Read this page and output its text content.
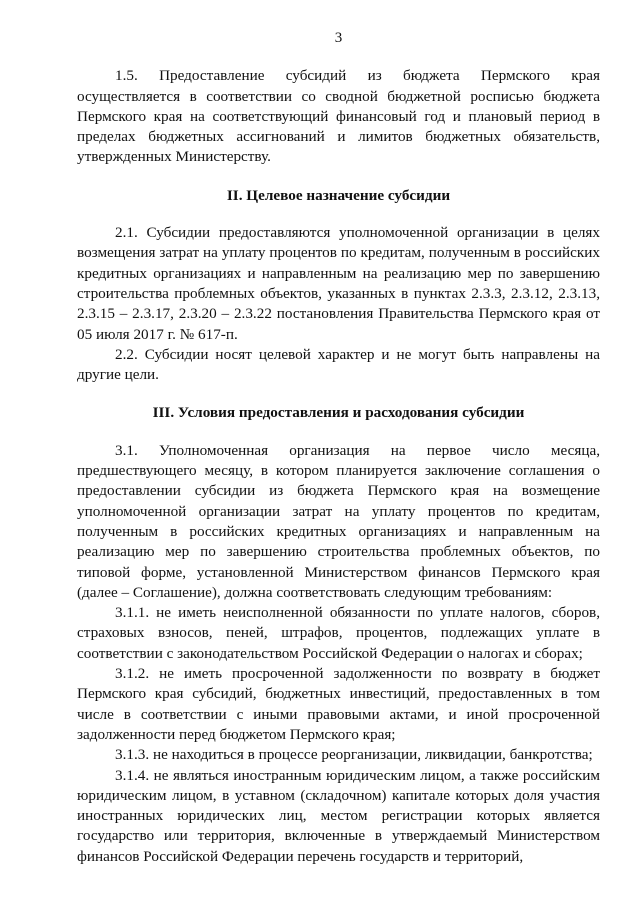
3

1.5. Предоставление субсидий из бюджета Пермского края осуществляется в соответствии со сводной бюджетной росписью бюджета Пермского края на соответствующий финансовый год и плановый период в пределах бюджетных ассигнований и лимитов бюджетных обязательств, утвержденных Министерству.

II. Целевое назначение субсидии

2.1. Субсидии предоставляются уполномоченной организации в целях возмещения затрат на уплату процентов по кредитам, полученным в российских кредитных организациях и направленным на реализацию мер по завершению строительства проблемных объектов, указанных в пунктах 2.3.3, 2.3.12, 2.3.13, 2.3.15 – 2.3.17, 2.3.20 – 2.3.22 постановления Правительства Пермского края от 05 июля 2017 г. № 617-п.

2.2. Субсидии носят целевой характер и не могут быть направлены на другие цели.

III. Условия предоставления и расходования субсидии

3.1. Уполномоченная организация на первое число месяца, предшествующего месяцу, в котором планируется заключение соглашения о предоставлении субсидии из бюджета Пермского края на возмещение уполномоченной организации затрат на уплату процентов по кредитам, полученным в российских кредитных организациях и направленным на реализацию мер по завершению строительства проблемных объектов, по типовой форме, установленной Министерством финансов Пермского края (далее – Соглашение), должна соответствовать следующим требованиям:

3.1.1. не иметь неисполненной обязанности по уплате налогов, сборов, страховых взносов, пеней, штрафов, процентов, подлежащих уплате в соответствии с законодательством Российской Федерации о налогах и сборах;

3.1.2. не иметь просроченной задолженности по возврату в бюджет Пермского края субсидий, бюджетных инвестиций, предоставленных в том числе в соответствии с иными правовыми актами, и иной просроченной задолженности перед бюджетом Пермского края;

3.1.3. не находиться в процессе реорганизации, ликвидации, банкротства;

3.1.4. не являться иностранным юридическим лицом, а также российским юридическим лицом, в уставном (складочном) капитале которых доля участия иностранных юридических лиц, местом регистрации которых является государство или территория, включенные в утверждаемый Министерством финансов Российской Федерации перечень государств и территорий,
